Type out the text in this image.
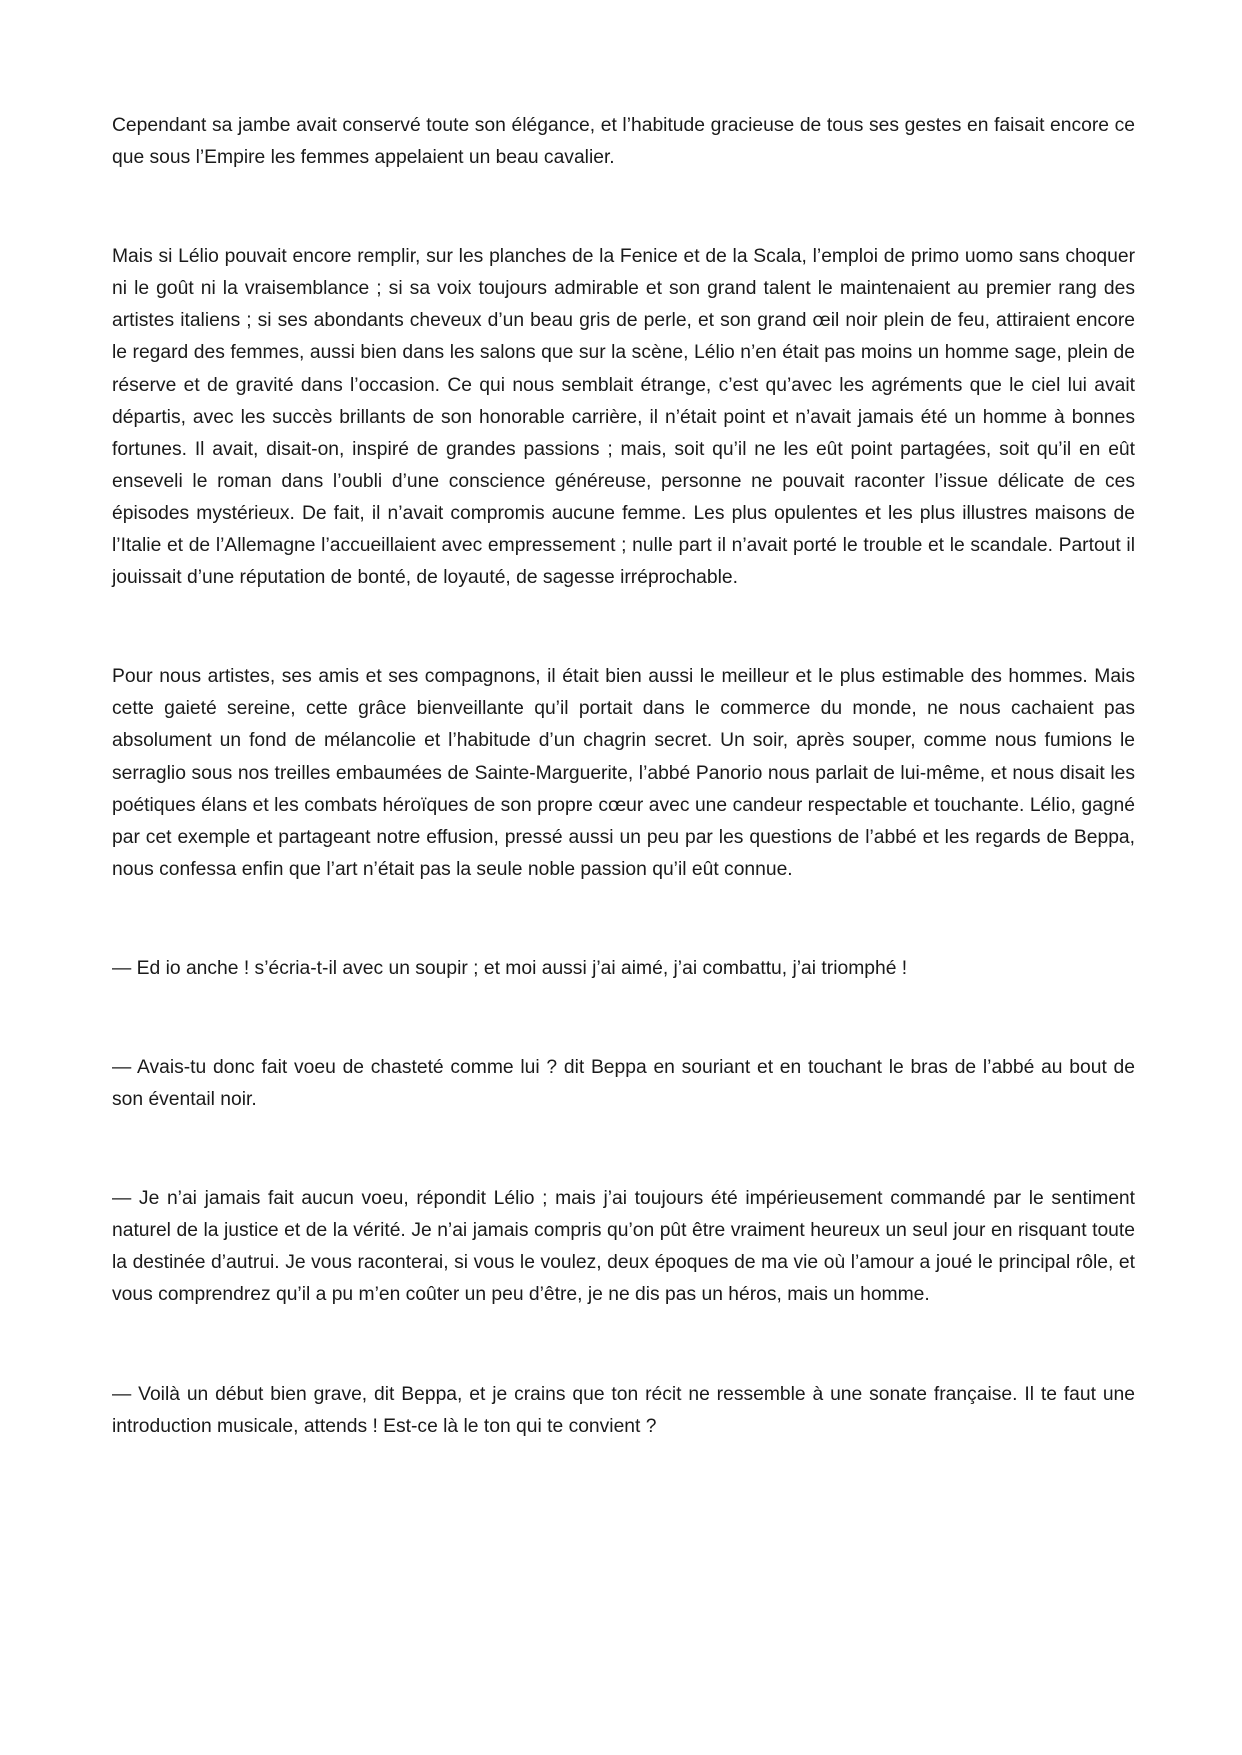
Cependant sa jambe avait conservé toute son élégance, et l’habitude gracieuse de tous ses gestes en faisait encore ce que sous l’Empire les femmes appelaient un beau cavalier.

Mais si Lélio pouvait encore remplir, sur les planches de la Fenice et de la Scala, l’emploi de primo uomo sans choquer ni le goût ni la vraisemblance ; si sa voix toujours admirable et son grand talent le maintenaient au premier rang des artistes italiens ; si ses abondants cheveux d’un beau gris de perle, et son grand œil noir plein de feu, attiraient encore le regard des femmes, aussi bien dans les salons que sur la scène, Lélio n’en était pas moins un homme sage, plein de réserve et de gravité dans l’occasion. Ce qui nous semblait étrange, c’est qu’avec les agréments que le ciel lui avait départis, avec les succès brillants de son honorable carrière, il n’était point et n’avait jamais été un homme à bonnes fortunes. Il avait, disait-on, inspiré de grandes passions ; mais, soit qu’il ne les eût point partagées, soit qu’il en eût enseveli le roman dans l’oubli d’une conscience généreuse, personne ne pouvait raconter l’issue délicate de ces épisodes mystérieux. De fait, il n’avait compromis aucune femme. Les plus opulentes et les plus illustres maisons de l’Italie et de l’Allemagne l’accueillaient avec empressement ; nulle part il n’avait porté le trouble et le scandale. Partout il jouissait d’une réputation de bonté, de loyauté, de sagesse irréprochable.

Pour nous artistes, ses amis et ses compagnons, il était bien aussi le meilleur et le plus estimable des hommes. Mais cette gaieté sereine, cette grâce bienveillante qu’il portait dans le commerce du monde, ne nous cachaient pas absolument un fond de mélancolie et l’habitude d’un chagrin secret. Un soir, après souper, comme nous fumions le serraglio sous nos treilles embaumées de Sainte-Marguerite, l’abbé Panorio nous parlait de lui-même, et nous disait les poétiques élans et les combats héroïques de son propre cœur avec une candeur respectable et touchante. Lélio, gagné par cet exemple et partageant notre effusion, pressé aussi un peu par les questions de l’abbé et les regards de Beppa, nous confessa enfin que l’art n’était pas la seule noble passion qu’il eût connue.

— Ed io anche ! s’écria-t-il avec un soupir ; et moi aussi j’ai aimé, j’ai combattu, j’ai triomphé !

— Avais-tu donc fait voeu de chasteté comme lui ? dit Beppa en souriant et en touchant le bras de l’abbé au bout de son éventail noir.

— Je n’ai jamais fait aucun voeu, répondit Lélio ; mais j’ai toujours été impérieusement commandé par le sentiment naturel de la justice et de la vérité. Je n’ai jamais compris qu’on pût être vraiment heureux un seul jour en risquant toute la destinée d’autrui. Je vous raconterai, si vous le voulez, deux époques de ma vie où l’amour a joué le principal rôle, et vous comprendrez qu’il a pu m’en coûter un peu d’être, je ne dis pas un héros, mais un homme.

— Voilà un début bien grave, dit Beppa, et je crains que ton récit ne ressemble à une sonate française. Il te faut une introduction musicale, attends ! Est-ce là le ton qui te convient ?
